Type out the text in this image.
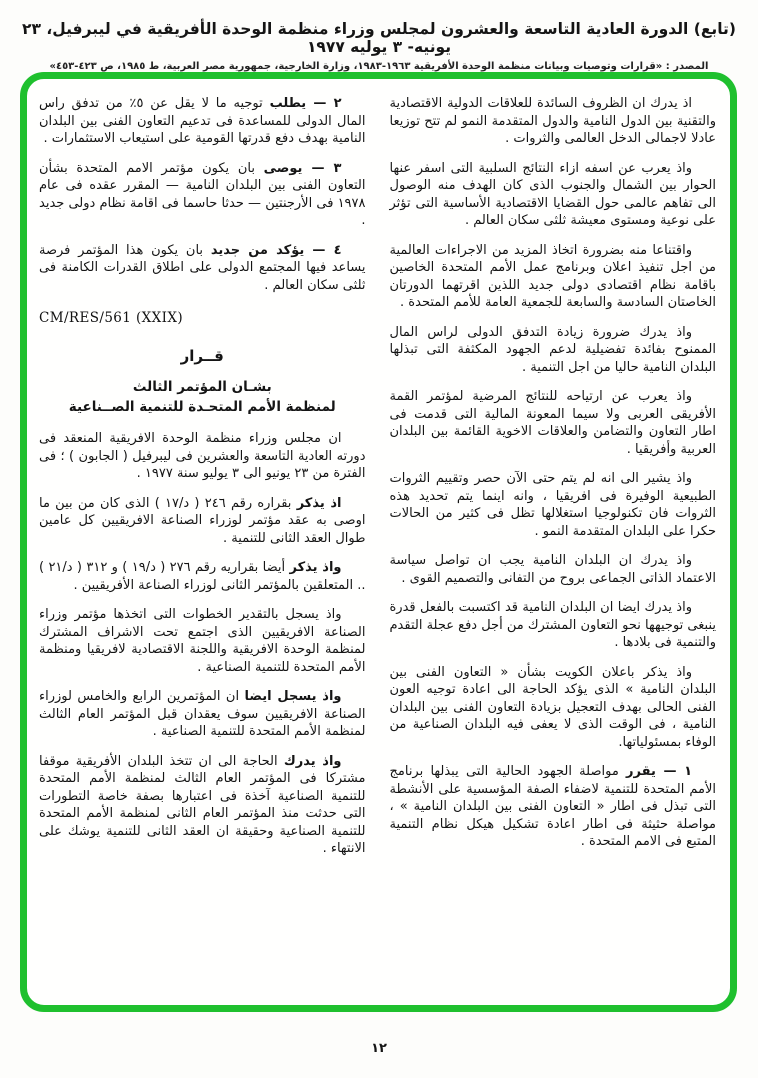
(تابع) الدورة العادية التاسعة والعشرون لمجلس وزراء منظمة الوحدة الأفريقية في ليبرفيل، ٢٣ يونيه- ٣ يوليه ١٩٧٧
المصدر : «قرارات وتوصيات وبيانات منظمة الوحدة الأفريقية ١٩٦٣-١٩٨٣، وزارة الخارجية، جمهورية مصر العربية، ط ١٩٨٥، ص ٤٢٣-٤٥٣»

اذ يدرك ان الظروف السائدة للعلاقات الدولية الاقتصادية والتقنية بين الدول النامية والدول المتقدمة النمو لم تتح توزيعا عادلا لاجمالى الدخل العالمى والثروات .

واذ يعرب عن اسفه ازاء النتائج السلبية التى اسفر عنها الحوار بين الشمال والجنوب الذى كان الهدف منه الوصول الى تفاهم عالمى حول القضايا الاقتصادية الأساسية التى تؤثر على نوعية ومستوى معيشة ثلثى سكان العالم .

واقتناعا منه بضرورة اتخاذ المزيد من الاجراءات العالمية من اجل تنفيذ اعلان وبرنامج عمل الأمم المتحدة الخاصين باقامة نظام اقتصادى دولى جديد اللذين اقرتهما الدورتان الخاصتان السادسة والسابعة للجمعية العامة للأمم المتحدة .

واذ يدرك ضرورة زيادة التدفق الدولى لراس المال الممنوح بفائدة تفضيلية لدعم الجهود المكثفة التى تبذلها البلدان النامية حاليا من اجل التنمية .

واذ يعرب عن ارتياحه للنتائج المرضية لمؤتمر القمة الأفريقى العربى ولا سيما المعونة المالية التى قدمت فى اطار التعاون والتضامن والعلاقات الاخوية القائمة بين البلدان العربية وأفريقيا .

واذ يشير الى انه لم يتم حتى الآن حصر وتقييم الثروات الطبيعية الوفيرة فى افريقيا ، وانه اينما يتم تحديد هذه الثروات فان تكنولوجيا استغلالها تظل فى كثير من الحالات حكرا على البلدان المتقدمة النمو .

واذ يدرك ان البلدان النامية يجب ان تواصل سياسة الاعتماد الذاتى الجماعى بروح من التفانى والتصميم القوى .

واذ يدرك ايضا ان البلدان النامية قد اكتسبت بالفعل قدرة ينبغى توجيهها نحو التعاون المشترك من أجل دفع عجلة التقدم والتنمية فى بلادها .

واذ يذكر باعلان الكويت بشأن « التعاون الفنى بين البلدان النامية » الذى يؤكد الحاجة الى اعادة توجيه العون الفنى الحالى بهدف التعجيل بزيادة التعاون الفنى بين البلدان النامية ، فى الوقت الذى لا يعفى فيه البلدان الصناعية من الوفاء بمسئولياتها.

١ — يقرر مواصلة الجهود الحالية التى يبذلها برنامج الأمم المتحدة للتنمية لاضفاء الصفة المؤسسية على الأنشطة التى تبذل فى اطار « التعاون الفنى بين البلدان النامية » ، مواصلة حثيثة فى اطار اعادة تشكيل هيكل نظام التنمية المتبع فى الامم المتحدة .

٢ — يطلب توجيه ما لا يقل عن ٥٪ من تدفق راس المال الدولى للمساعدة فى تدعيم التعاون الفنى بين البلدان النامية بهدف دفع قدرتها القومية على استيعاب الاستثمارات .

٣ — يوصى بان يكون مؤتمر الامم المتحدة بشأن التعاون الفنى بين البلدان النامية — المقرر عقده فى عام ١٩٧٨ فى الأرجنتين — حدثا حاسما فى اقامة نظام دولى جديد .

٤ — يؤكد من جديد بان يكون هذا المؤتمر فرصة يساعد فيها المجتمع الدولى على اطلاق القدرات الكامنة فى ثلثى سكان العالم .

CM/RES/561 (XXIX)

قــرار

بشـان المؤتمر الثالث

لمنظمة الأمم المتحـدة للتنمية الصــناعية

ان مجلس وزراء منظمة الوحدة الافريقية المنعقد فى دورته العادية التاسعة والعشرين فى ليبرفيل ( الجابون ) ؛ فى الفترة من ٢٣ يونيو الى ٣ يوليو سنة ١٩٧٧ .

اذ يذكر بقراره رقم ٢٤٦ ( د/١٧ ) الذى كان من بين ما اوصى به عقد مؤتمر لوزراء الصناعة الافريقيين كل عامين طوال العقد الثانى للتنمية .

واذ يذكر أيضا بقراريه رقم ٢٧٦ ( د/١٩ ) و ٣١٢ ( د/٢١ ) .. المتعلقين بالمؤتمر الثانى لوزراء الصناعة الأفريقيين .

واذ يسجل بالتقدير الخطوات التى اتخذها مؤتمر وزراء الصناعة الافريقيين الذى اجتمع تحت الاشراف المشترك لمنظمة الوحدة الافريقية واللجنة الاقتصادية لافريقيا ومنظمة الأمم المتحدة للتنمية الصناعية .

واذ يسجل ايضا ان المؤتمرين الرابع والخامس لوزراء الصناعة الافريقيين سوف يعقدان قبل المؤتمر العام الثالث لمنظمة الأمم المتحدة للتنمية الصناعية .

واذ يدرك الحاجة الى ان تتخذ البلدان الأفريقية موقفا مشتركا فى المؤتمر العام الثالث لمنظمة الأمم المتحدة للتنمية الصناعية آخذة فى اعتبارها بصفة خاصة التطورات التى حدثت منذ المؤتمر العام الثانى لمنظمة الأمم المتحدة للتنمية الصناعية وحقيقة ان العقد الثانى للتنمية يوشك على الانتهاء .

١٢
